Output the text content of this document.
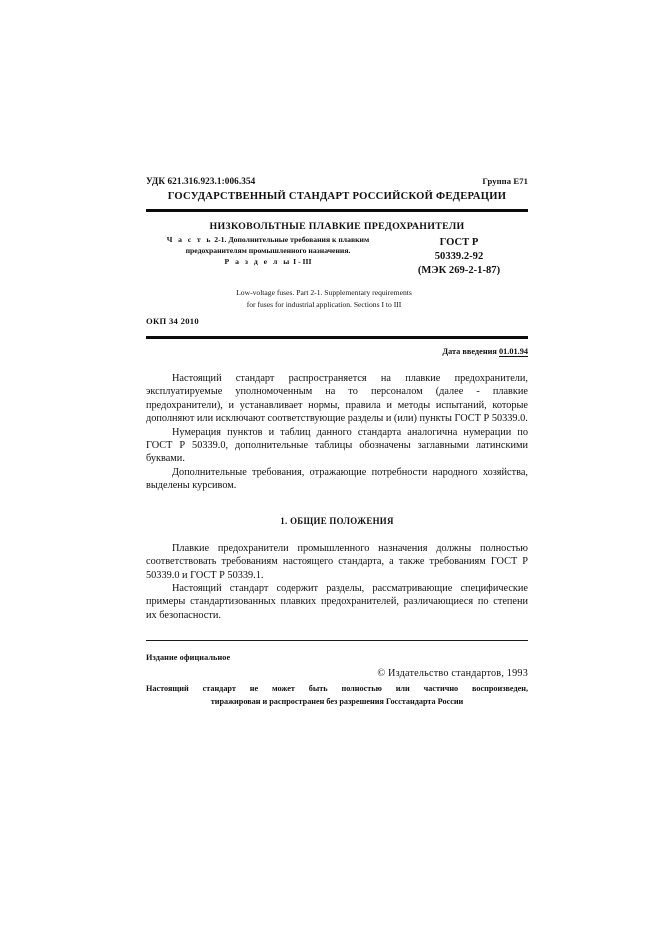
УДК 621.316.923.1:006.354	Группа Е71
ГОСУДАРСТВЕННЫЙ СТАНДАРТ РОССИЙСКОЙ ФЕДЕРАЦИИ
НИЗКОВОЛЬТНЫЕ ПЛАВКИЕ ПРЕДОХРАНИТЕЛИ
Ч а с т ь 2-1. Дополнительные требования к плавким
предохранителям промышленного назначения.
Р а з д е л ы I - III
ГОСТ Р
50339.2-92
(МЭК 269-2-1-87)
Low-voltage fuses. Part 2-1. Supplementary requirements
for fuses for industrial application. Sections I to III
ОКП 34 2010
Дата введения 01.01.94

Настоящий стандарт распространяется на плавкие предохранители, эксплуатируемые уполномоченным на то персоналом (далее - плавкие предохранители), и устанавливает нормы, правила и методы испытаний, которые дополняют или исключают соответствующие разделы и (или) пункты ГОСТ Р 50339.0.

Нумерация пунктов и таблиц данного стандарта аналогична нумерации по ГОСТ Р 50339.0, дополнительные таблицы обозначены заглавными латинскими буквами.

Дополнительные требования, отражающие потребности народного хозяйства, выделены курсивом.

1. ОБЩИЕ ПОЛОЖЕНИЯ

Плавкие предохранители промышленного назначения должны полностью соответствовать требованиям настоящего стандарта, а также требованиям ГОСТ Р 50339.0 и ГОСТ Р 50339.1.

Настоящий стандарт содержит разделы, рассматривающие специфические примеры стандартизованных плавких предохранителей, различающиеся по степени их безопасности.

Издание официальное
© Издательство стандартов, 1993
Настоящий стандарт не может быть полностью или частично воспроизведен,
тиражирован и распространен без разрешения Госстандарта России
